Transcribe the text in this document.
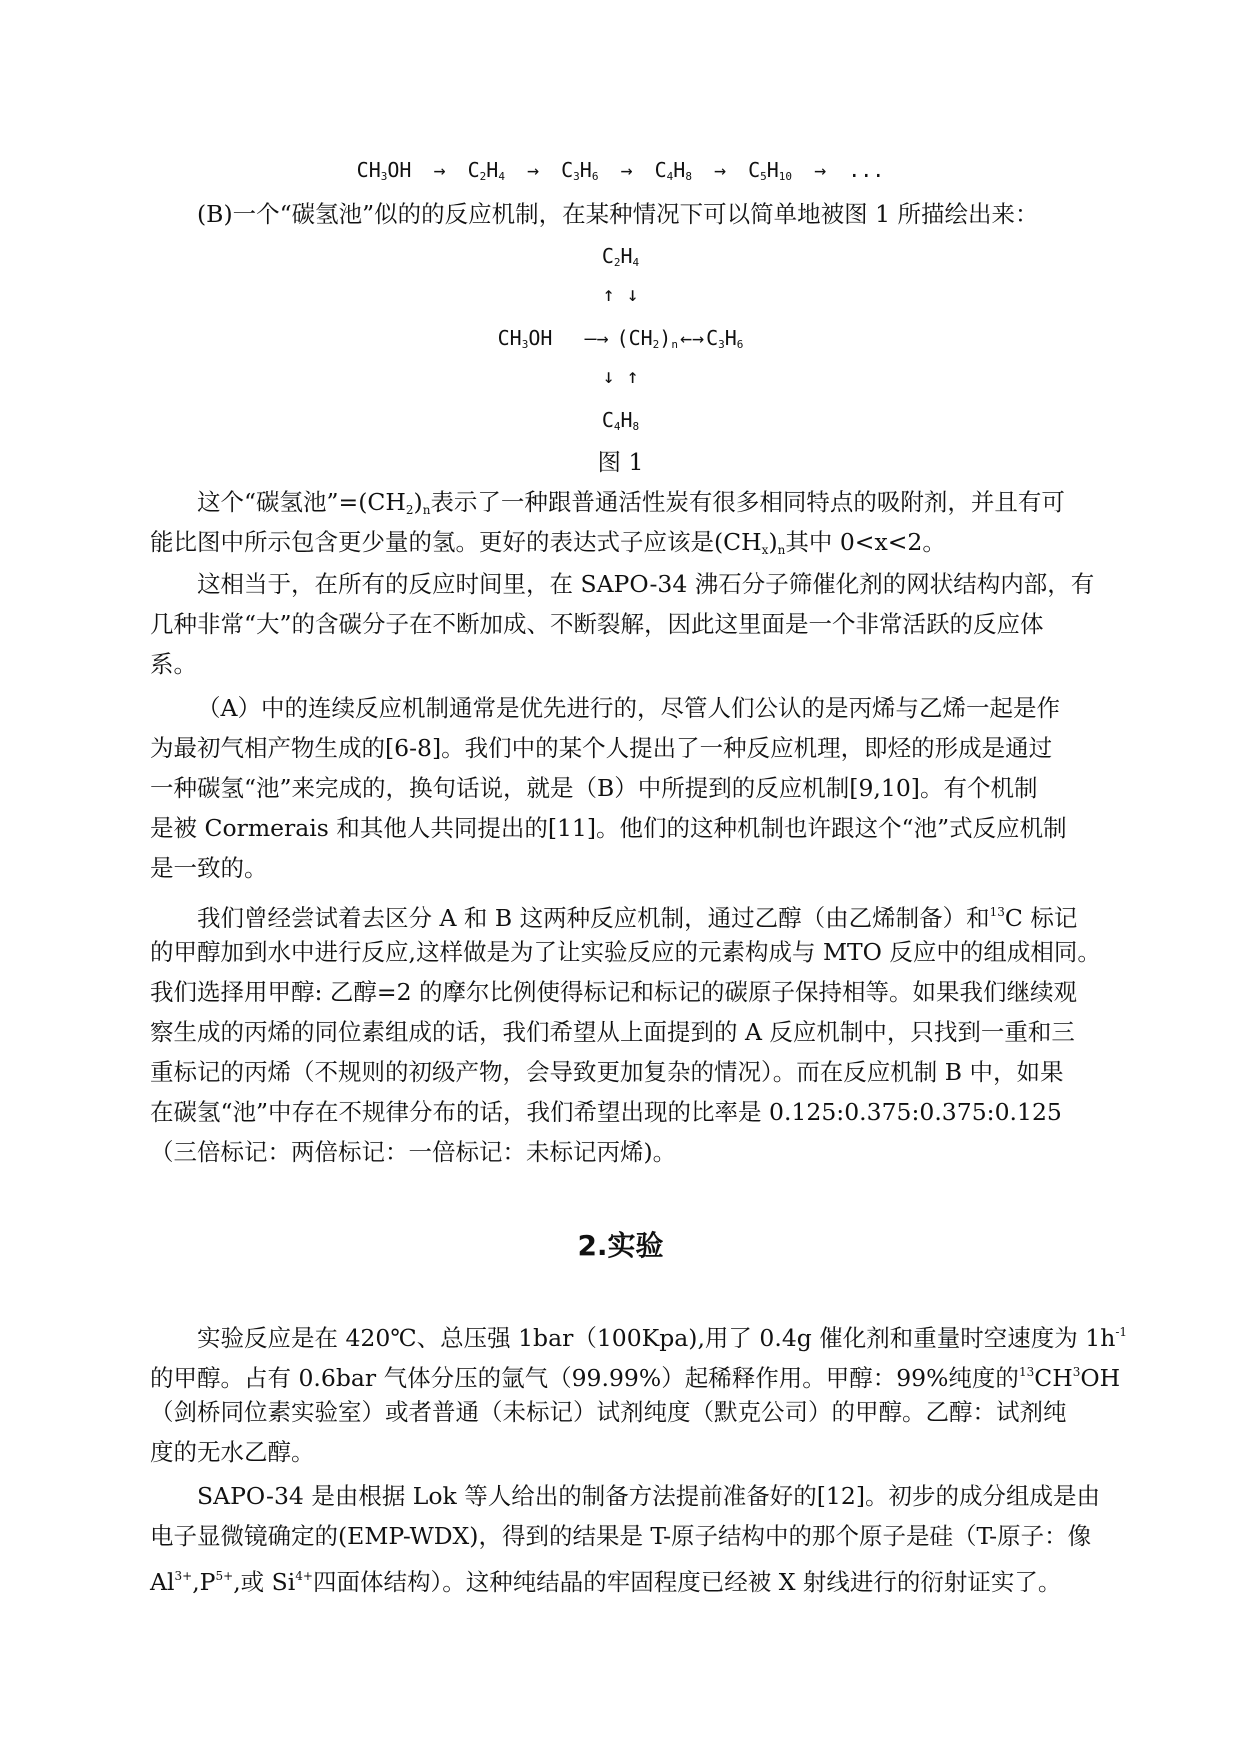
$CH_3OH \to C_2H_4 \to C_3H_6 \to C_4H_8 \to C_5H_{10}$ → ...
(B)一个“碳氢池”似的的反应机制，在某种情况下可以简单地被图 1 所描绘出来：
$C_2H_4$
↑ ↓
$CH_3OH$ —→ $(CH_2)_n$ ←→ $C_3H_6$
↓ ↑
$C_4H_8$
图 1
这个“碳氢池$”=(CH_2)_n$表示了一种跟普通活性炭有很多相同特点的吸附剂，并且有可
能比图中所示包含更少量的氢。更好的表达式子应该是$(CH_x)_n$其中 0<x<2。
这相当于，在所有的反应时间里，在 SAPO-34 沸石分子筛催化剂的网状结构内部，有
几种非常“大”的含碳分子在不断加成、不断裂解，因此这里面是一个非常活跃的反应体
系。
（A）中的连续反应机制通常是优先进行的，尽管人们公认的是丙烯与乙烯一起是作
为最初气相产物生成的[6-8]。我们中的某个人提出了一种反应机理，即烃的形成是通过
一种碳氢“池”来完成的，换句话说，就是（B）中所提到的反应机制[9,10]。有个机制
是被 Cormerais 和其他人共同提出的[11]。他们的这种机制也许跟这个“池”式反应机制
是一致的。
我们曾经尝试着去区分 A 和 B 这两种反应机制，通过乙醇（由乙烯制备）和$^{13}$C 标记
的甲醇加到水中进行反应,这样做是为了让实验反应的元素构成与 MTO 反应中的组成相同。
我们选择用甲醇: 乙醇=2 的摩尔比例使得标记和标记的碳原子保持相等。如果我们继续观
察生成的丙烯的同位素组成的话，我们希望从上面提到的 A 反应机制中，只找到一重和三
重标记的丙烯（不规则的初级产物，会导致更加复杂的情况）。而在反应机制 B 中，如果
在碳氢“池”中存在不规律分布的话，我们希望出现的比率是 0.125:0.375:0.375:0.125
（三倍标记：两倍标记：一倍标记：未标记丙烯)。
2.实验
实验反应是在 420℃、总压强 1bar（100Kpa),用了 0.4g 催化剂和重量时空速度为 $1h^{-1}$
的甲醇。占有 0.6bar 气体分压的氩气（99.99%）起稀释作用。甲醇：99%纯度的$^{13}CH^3OH$
（剑桥同位素实验室）或者普通（未标记）试剂纯度（默克公司）的甲醇。乙醇：试剂纯
度的无水乙醇。
SAPO-34 是由根据 Lok 等人给出的制备方法提前准备好的[12]。初步的成分组成是由
电子显微镜确定的(EMP-WDX)，得到的结果是 T-原子结构中的那个原子是硅（T-原子：像
$Al^{3+},P^{5+}$,或 $Si^{4+}$四面体结构）。这种纯结晶的牢固程度已经被 X 射线进行的衍射证实了。
